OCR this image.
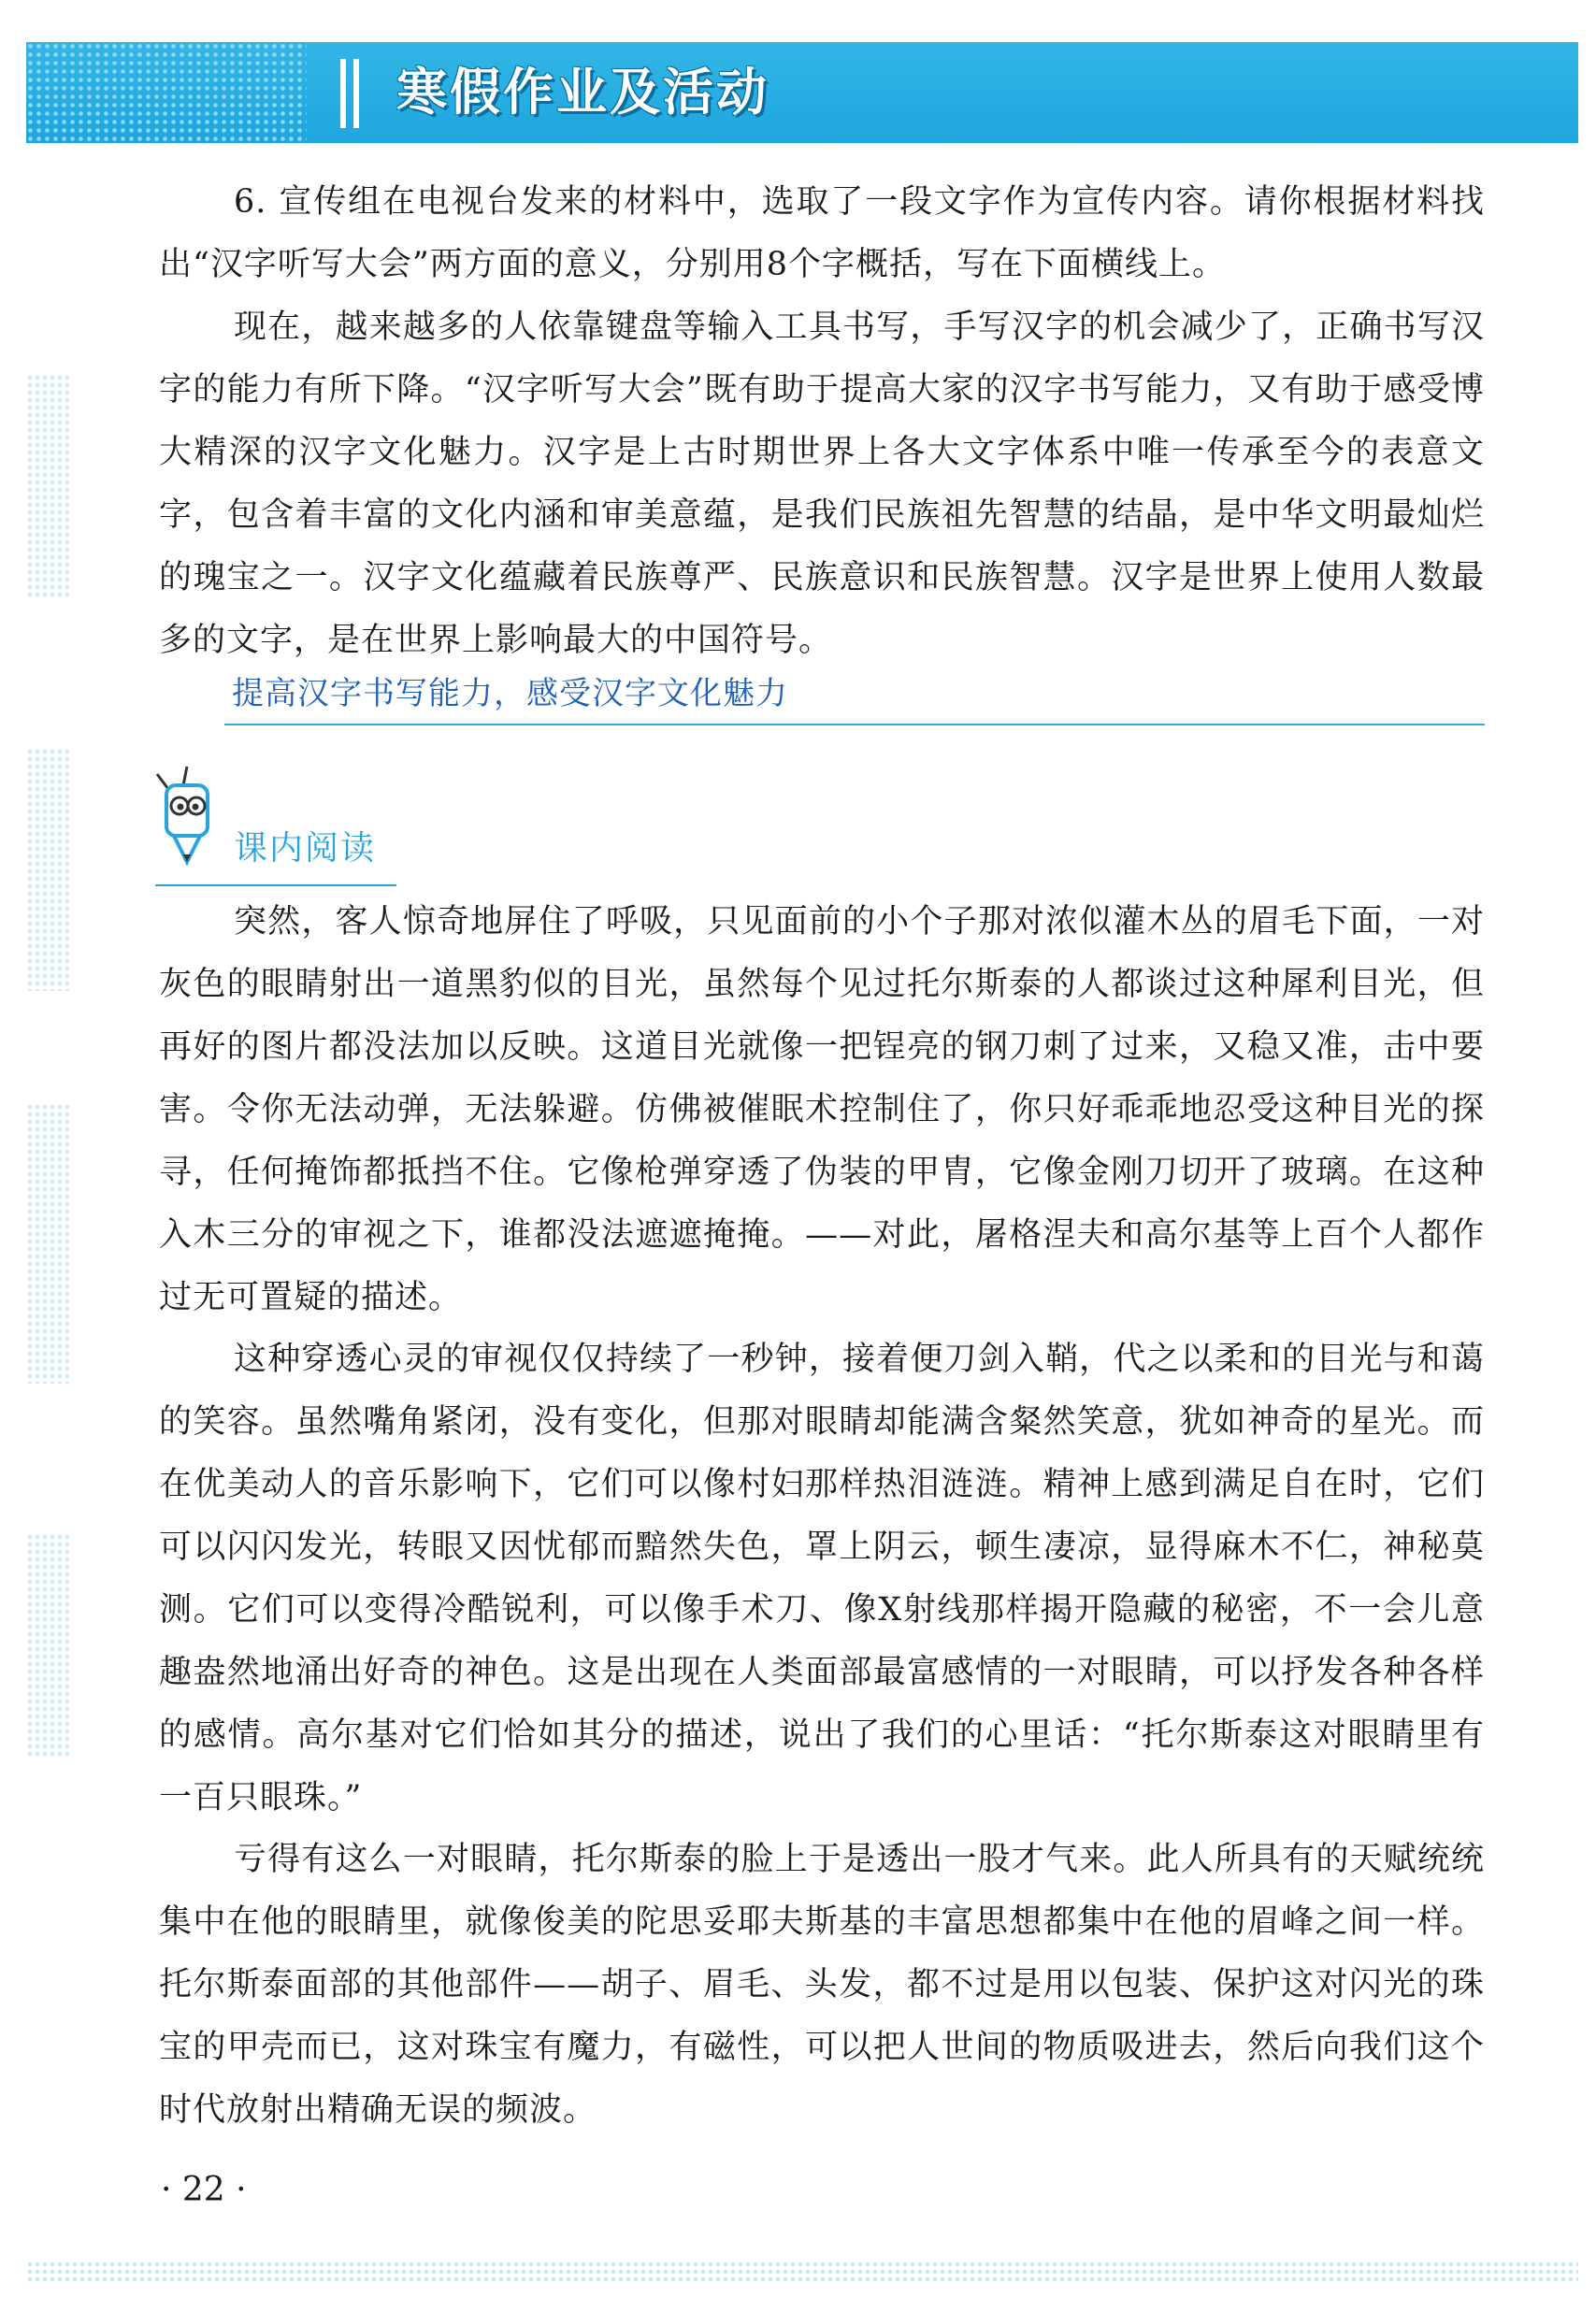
寒假作业及活动

6. 宣传组在电视台发来的材料中，选取了一段文字作为宣传内容。请你根据材料找出“汉字听写大会”两方面的意义，分别用8个字概括，写在下面横线上。

现在，越来越多的人依靠键盘等输入工具书写，手写汉字的机会减少了，正确书写汉字的能力有所下降。“汉字听写大会”既有助于提高大家的汉字书写能力，又有助于感受博大精深的汉字文化魅力。汉字是上古时期世界上各大文字体系中唯一传承至今的表意文字，包含着丰富的文化内涵和审美意蕴，是我们民族祖先智慧的结晶，是中华文明最灿烂的瑰宝之一。汉字文化蕴藏着民族尊严、民族意识和民族智慧。汉字是世界上使用人数最多的文字，是在世界上影响最大的中国符号。

提高汉字书写能力，感受汉字文化魅力
课内阅读

突然，客人惊奇地屏住了呼吸，只见面前的小个子那对浓似灌木丛的眉毛下面，一对灰色的眼睛射出一道黑豹似的目光，虽然每个见过托尔斯泰的人都谈过这种犀利目光，但再好的图片都没法加以反映。这道目光就像一把锃亮的钢刀刺了过来，又稳又准，击中要害。令你无法动弹，无法躲避。仿佛被催眠术控制住了，你只好乖乖地忍受这种目光的探寻，任何掩饰都抵挡不住。它像枪弹穿透了伪装的甲胄，它像金刚刀切开了玻璃。在这种入木三分的审视之下，谁都没法遮遮掩掩。——对此，屠格涅夫和高尔基等上百个人都作过无可置疑的描述。

这种穿透心灵的审视仅仅持续了一秒钟，接着便刀剑入鞘，代之以柔和的目光与和蔼的笑容。虽然嘴角紧闭，没有变化，但那对眼睛却能满含粲然笑意，犹如神奇的星光。而在优美动人的音乐影响下，它们可以像村妇那样热泪涟涟。精神上感到满足自在时，它们可以闪闪发光，转眼又因忧郁而黯然失色，罩上阴云，顿生凄凉，显得麻木不仁，神秘莫测。它们可以变得冷酷锐利，可以像手术刀、像X射线那样揭开隐藏的秘密，不一会儿意趣盎然地涌出好奇的神色。这是出现在人类面部最富感情的一对眼睛，可以抒发各种各样的感情。高尔基对它们恰如其分的描述，说出了我们的心里话：“托尔斯泰这对眼睛里有一百只眼珠。”

亏得有这么一对眼睛，托尔斯泰的脸上于是透出一股才气来。此人所具有的天赋统统集中在他的眼睛里，就像俊美的陀思妥耶夫斯基的丰富思想都集中在他的眉峰之间一样。托尔斯泰面部的其他部件——胡子、眉毛、头发，都不过是用以包装、保护这对闪光的珠宝的甲壳而已，这对珠宝有魔力，有磁性，可以把人世间的物质吸进去，然后向我们这个时代放射出精确无误的频波。

· 22 ·
